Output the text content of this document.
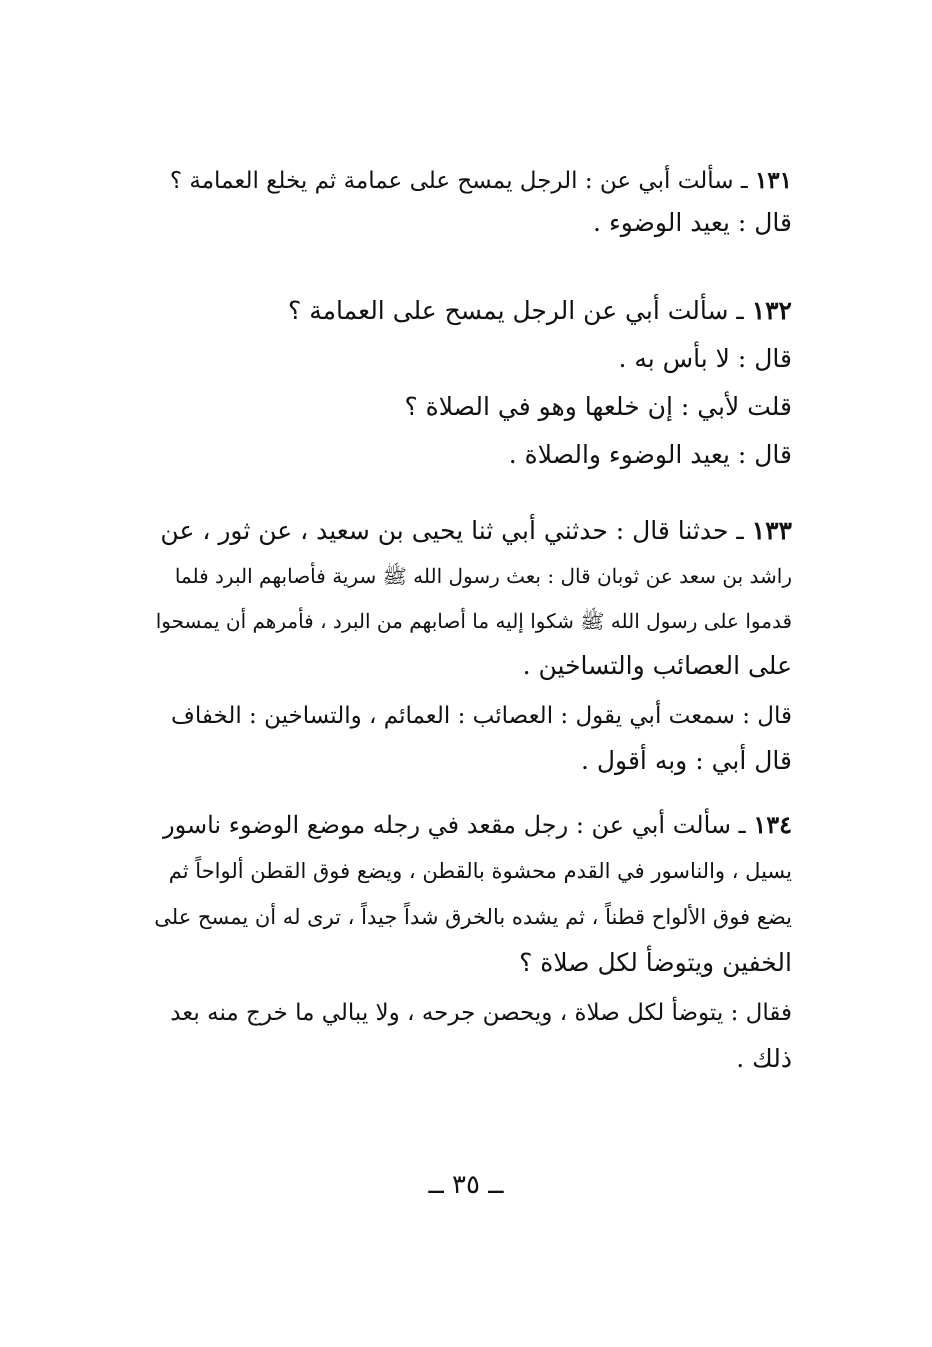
١٣١ ـ سألت أبي عن : الرجل يمسح على عمامة ثم يخلع العمامة ؟
قال : يعيد الوضوء .
١٣٢ ـ سألت أبي عن الرجل يمسح على العمامة ؟
قال : لا بأس به .
قلت لأبي : إن خلعها وهو في الصلاة ؟
قال : يعيد الوضوء والصلاة .
١٣٣ ـ حدثنا قال : حدثني أبي ثنا يحيى بن سعيد ، عن ثور ، عن
راشد بن سعد عن ثوبان قال : بعث رسول الله ﷺ سرية فأصابهم البرد فلما
قدموا على رسول الله ﷺ شكوا إليه ما أصابهم من البرد ، فأمرهم أن يمسحوا
على العصائب والتساخين .
قال : سمعت أبي يقول : العصائب : العمائم ، والتساخين : الخفاف
قال أبي : وبه أقول .
١٣٤ ـ سألت أبي عن : رجل مقعد في رجله موضع الوضوء ناسور
يسيل ، والناسور في القدم محشوة بالقطن ، ويضع فوق القطن ألواحاً ثم
يضع فوق الألواح قطناً ، ثم يشده بالخرق شداً جيداً ، ترى له أن يمسح على
الخفين ويتوضأ لكل صلاة ؟
فقال : يتوضأ لكل صلاة ، ويحصن جرحه ، ولا يبالي ما خرج منه بعد
ذلك .
ــ ٣٥ ــ
